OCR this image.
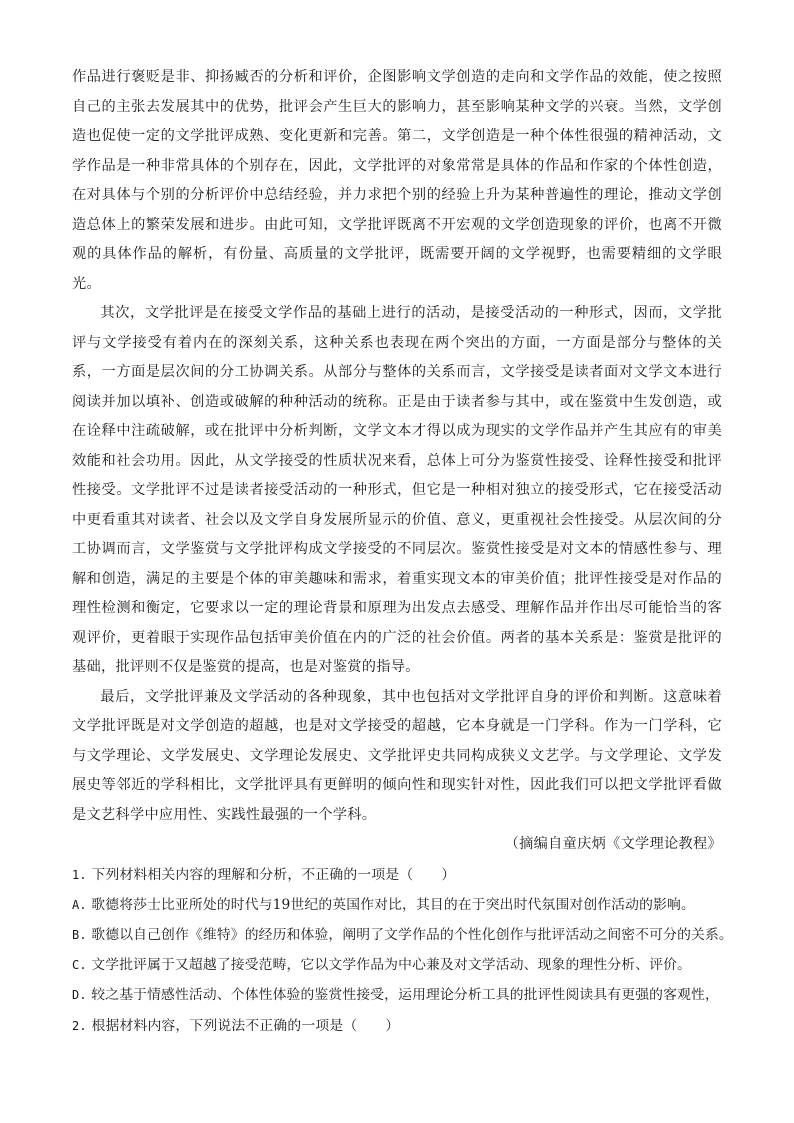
作品进行褒贬是非、抑扬臧否的分析和评价，企图影响文学创造的走向和文学作品的效能，使之按照自己的主张去发展其中的优势，批评会产生巨大的影响力，甚至影响某种文学的兴衰。当然，文学创造也促使一定的文学批评成熟、变化更新和完善。第二，文学创造是一种个体性很强的精神活动，文学作品是一种非常具体的个别存在，因此，文学批评的对象常常是具体的作品和作家的个体性创造，在对具体与个别的分析评价中总结经验，并力求把个别的经验上升为某种普遍性的理论，推动文学创造总体上的繁荣发展和进步。由此可知，文学批评既离不开宏观的文学创造现象的评价，也离不开微观的具体作品的解析，有份量、高质量的文学批评，既需要开阔的文学视野，也需要精细的文学眼光。

其次，文学批评是在接受文学作品的基础上进行的活动，是接受活动的一种形式，因而，文学批评与文学接受有着内在的深刻关系，这种关系也表现在两个突出的方面，一方面是部分与整体的关系，一方面是层次间的分工协调关系。从部分与整体的关系而言，文学接受是读者面对文学文本进行阅读并加以填补、创造或破解的种种活动的统称。正是由于读者参与其中，或在鉴赏中生发创造，或在诠释中注疏破解，或在批评中分析判断，文学文本才得以成为现实的文学作品并产生其应有的审美效能和社会功用。因此，从文学接受的性质状况来看，总体上可分为鉴赏性接受、诠释性接受和批评性接受。文学批评不过是读者接受活动的一种形式，但它是一种相对独立的接受形式，它在接受活动中更看重其对读者、社会以及文学自身发展所显示的价值、意义，更重视社会性接受。从层次间的分工协调而言，文学鉴赏与文学批评构成文学接受的不同层次。鉴赏性接受是对文本的情感性参与、理解和创造，满足的主要是个体的审美趣味和需求，着重实现文本的审美价值；批评性接受是对作品的理性检测和衡定，它要求以一定的理论背景和原理为出发点去感受、理解作品并作出尽可能恰当的客观评价，更着眼于实现作品包括审美价值在内的广泛的社会价值。两者的基本关系是：鉴赏是批评的基础，批评则不仅是鉴赏的提高，也是对鉴赏的指导。

最后，文学批评兼及文学活动的各种现象，其中也包括对文学批评自身的评价和判断。这意味着文学批评既是对文学创造的超越，也是对文学接受的超越，它本身就是一门学科。作为一门学科，它与文学理论、文学发展史、文学理论发展史、文学批评史共同构成狭义文艺学。与文学理论、文学发展史等邻近的学科相比，文学批评具有更鲜明的倾向性和现实针对性，因此我们可以把文学批评看做是文艺科学中应用性、实践性最强的一个学科。

（摘编自童庆炳《文学理论教程》

1. 下列材料相关内容的理解和分析，不正确的一项是（　　）

A. 歌德将莎士比亚所处的时代与19世纪的英国作对比，其目的在于突出时代氛围对创作活动的影响。

B. 歌德以自己创作《维特》的经历和体验，阐明了文学作品的个性化创作与批评活动之间密不可分的关系。

C. 文学批评属于又超越了接受范畴，它以文学作品为中心兼及对文学活动、现象的理性分析、评价。

D. 较之基于情感性活动、个体性体验的鉴赏性接受，运用理论分析工具的批评性阅读具有更强的客观性，

2. 根据材料内容，下列说法不正确的一项是（　　）
